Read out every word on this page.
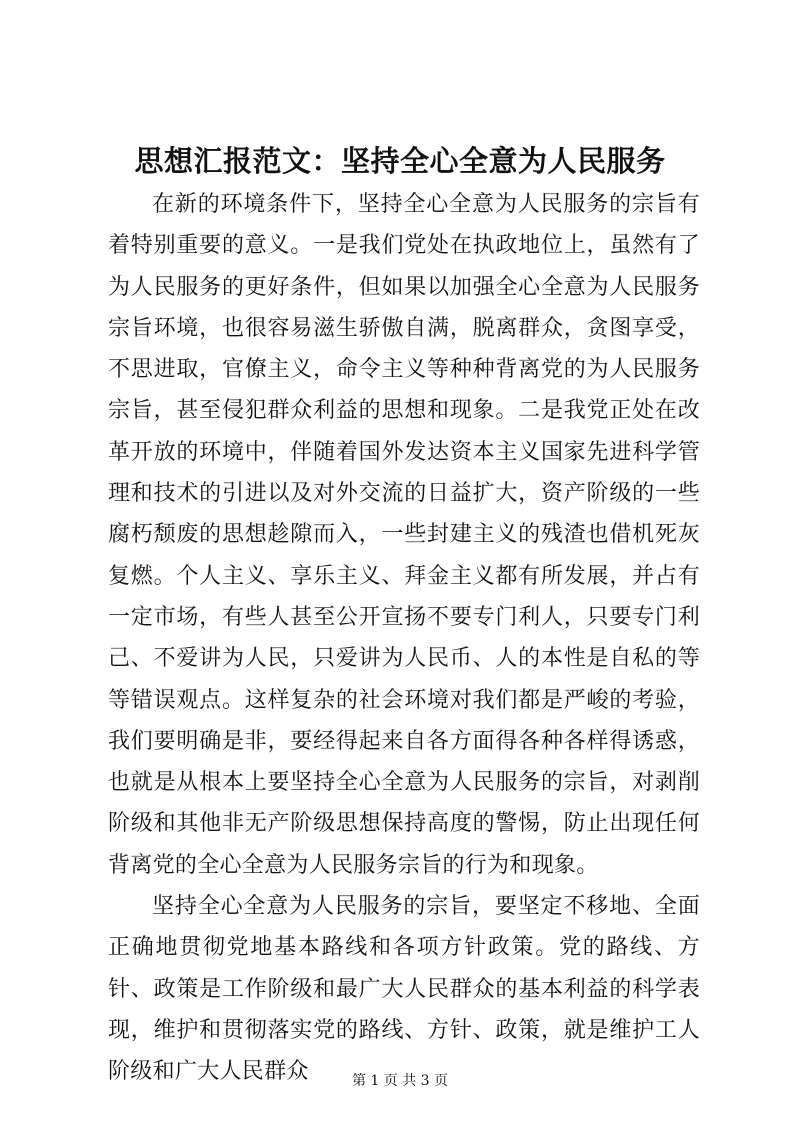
思想汇报范文：坚持全心全意为人民服务

在新的环境条件下，坚持全心全意为人民服务的宗旨有着特别重要的意义。一是我们党处在执政地位上，虽然有了为人民服务的更好条件，但如果以加强全心全意为人民服务宗旨环境，也很容易滋生骄傲自满，脱离群众，贪图享受，不思进取，官僚主义，命令主义等种种背离党的为人民服务宗旨，甚至侵犯群众利益的思想和现象。二是我党正处在改革开放的环境中，伴随着国外发达资本主义国家先进科学管理和技术的引进以及对外交流的日益扩大，资产阶级的一些腐朽颓废的思想趁隙而入，一些封建主义的残渣也借机死灰复燃。个人主义、享乐主义、拜金主义都有所发展，并占有一定市场，有些人甚至公开宣扬不要专门利人，只要专门利己、不爱讲为人民，只爱讲为人民币、人的本性是自私的等等错误观点。这样复杂的社会环境对我们都是严峻的考验，我们要明确是非，要经得起来自各方面得各种各样得诱惑，也就是从根本上要坚持全心全意为人民服务的宗旨，对剥削阶级和其他非无产阶级思想保持高度的警惕，防止出现任何背离党的全心全意为人民服务宗旨的行为和现象。

坚持全心全意为人民服务的宗旨，要坚定不移地、全面正确地贯彻党地基本路线和各项方针政策。党的路线、方针、政策是工作阶级和最广大人民群众的基本利益的科学表现，维护和贯彻落实党的路线、方针、政策，就是维护工人阶级和广大人民群众	第 1 页 共 3 页
